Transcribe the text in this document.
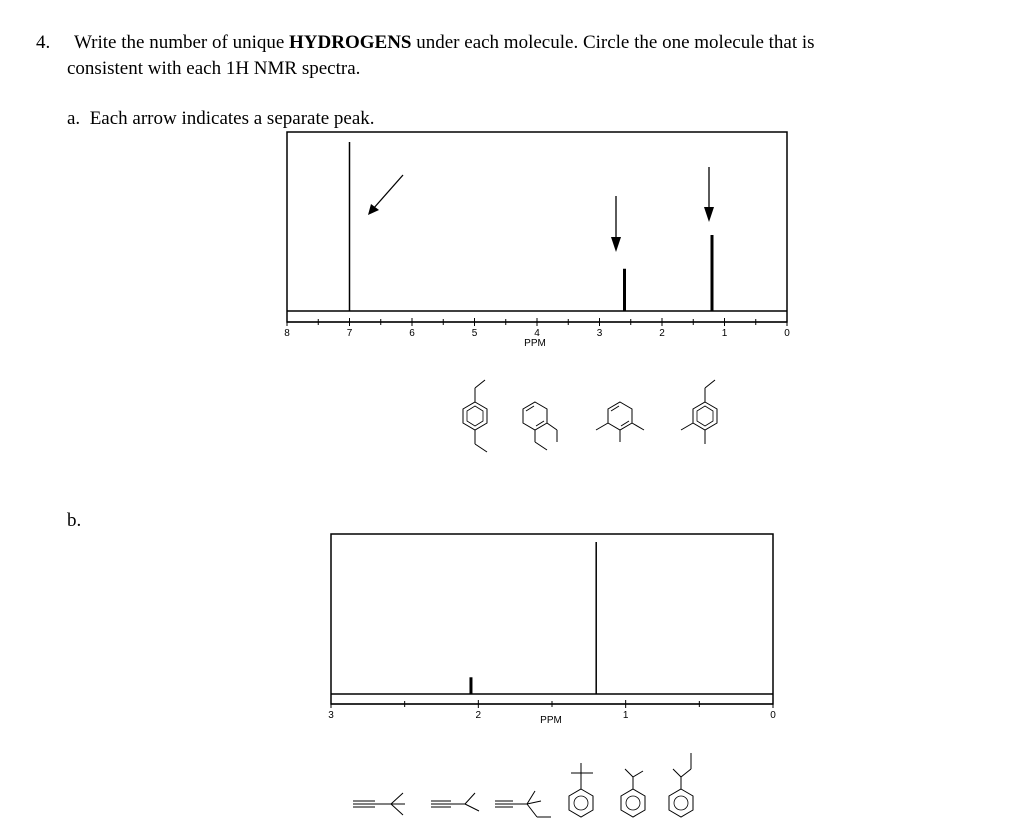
4. Write the number of unique HYDROGENS under each molecule. Circle the one molecule that is
consistent with each 1H NMR spectra.
a. Each arrow indicates a separate peak.
8	7	6	5	4	3	2	1	0
PPM
b.
3	2	1	0
PPM
